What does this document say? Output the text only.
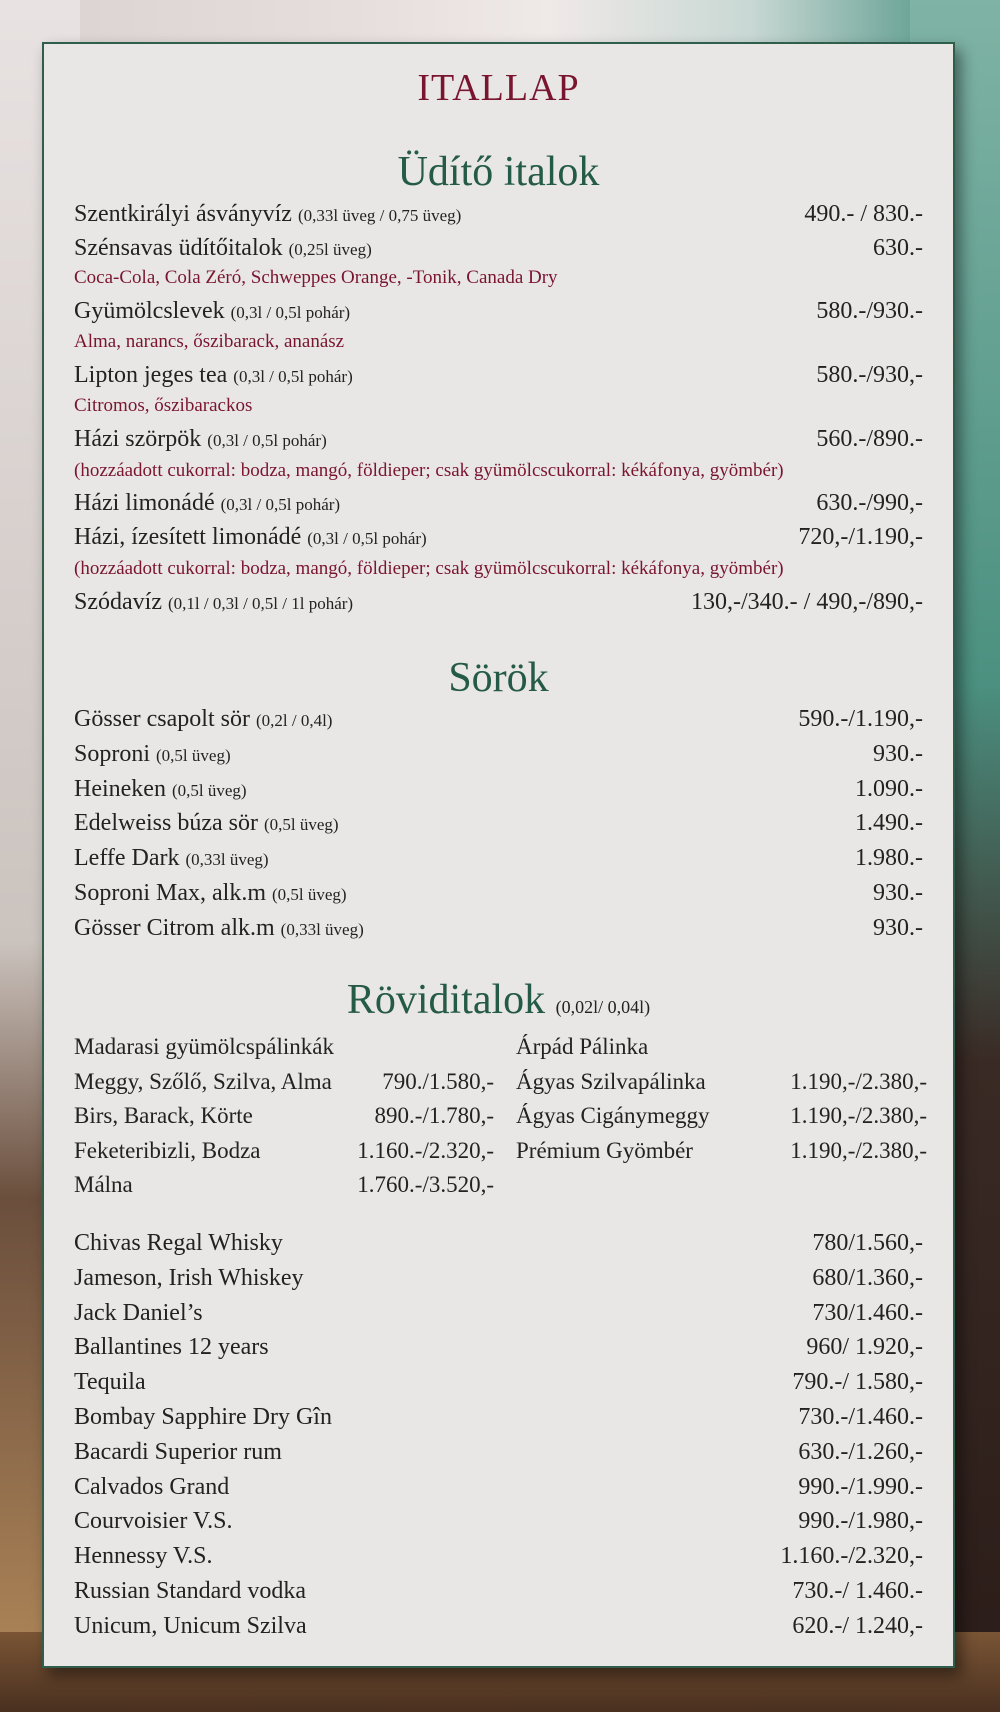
ITALLAP
Üdítő italok
Szentkirályi ásványvíz (0,33l üveg / 0,75 üveg)	490.- / 830.-
Szénsavas üdítőitalok (0,25l üveg)	630.-
Coca-Cola, Cola Zéró, Schweppes Orange, -Tonik, Canada Dry
Gyümölcslevek (0,3l / 0,5l pohár)	580.-/930.-
Alma, narancs, őszibarack, ananász
Lipton jeges tea (0,3l / 0,5l pohár)	580.-/930,-
Citromos, őszibarackos
Házi szörpök (0,3l / 0,5l pohár)	560.-/890.-
(hozzáadott cukorral: bodza, mangó, földieper; csak gyümölcscukorral: kékáfonya, gyömbér)
Házi limonádé (0,3l / 0,5l pohár)	630.-/990,-
Házi, ízesített limonádé (0,3l / 0,5l pohár)	720,-/1.190,-
(hozzáadott cukorral: bodza, mangó, földieper; csak gyümölcscukorral: kékáfonya, gyömbér)
Szódavíz (0,1l / 0,3l / 0,5l / 1l pohár)	130,-/340.- / 490,-/890,-
Sörök
Gösser csapolt sör (0,2l / 0,4l)	590.-/1.190,-
Soproni (0,5l üveg)	930.-
Heineken (0,5l üveg)	1.090.-
Edelweiss búza sör (0,5l üveg)	1.490.-
Leffe Dark (0,33l üveg)	1.980.-
Soproni Max, alk.m (0,5l üveg)	930.-
Gösser Citrom alk.m (0,33l üveg)	930.-
Röviditalok (0,02l/ 0,04l)
Madarasi gyümölcspálinkák
Meggy, Szőlő, Szilva, Alma 790./1.580,-
Birs, Barack, Körte	890.-/1.780,-
Feketeribizli, Bodza	1.160.-/2.320,-
Málna	1.760.-/3.520,-
Árpád Pálinka
Ágyas Szilvapálinka	1.190,-/2.380,-
Ágyas Cigánymeggy	1.190,-/2.380,-
Prémium Gyömbér	1.190,-/2.380,-
Chivas Regal Whisky	780/1.560,-
Jameson, Irish Whiskey	680/1.360,-
Jack Daniel’s	730/1.460.-
Ballantines 12 years	960/ 1.920,-
Tequila	790.-/ 1.580,-
Bombay Sapphire Dry Gîn	730.-/1.460.-
Bacardi Superior rum	630.-/1.260,-
Calvados Grand	990.-/1.990.-
Courvoisier V.S.	990.-/1.980,-
Hennessy V.S.	1.160.-/2.320,-
Russian Standard vodka	730.-/ 1.460.-
Unicum, Unicum Szilva	620.-/ 1.240,-
